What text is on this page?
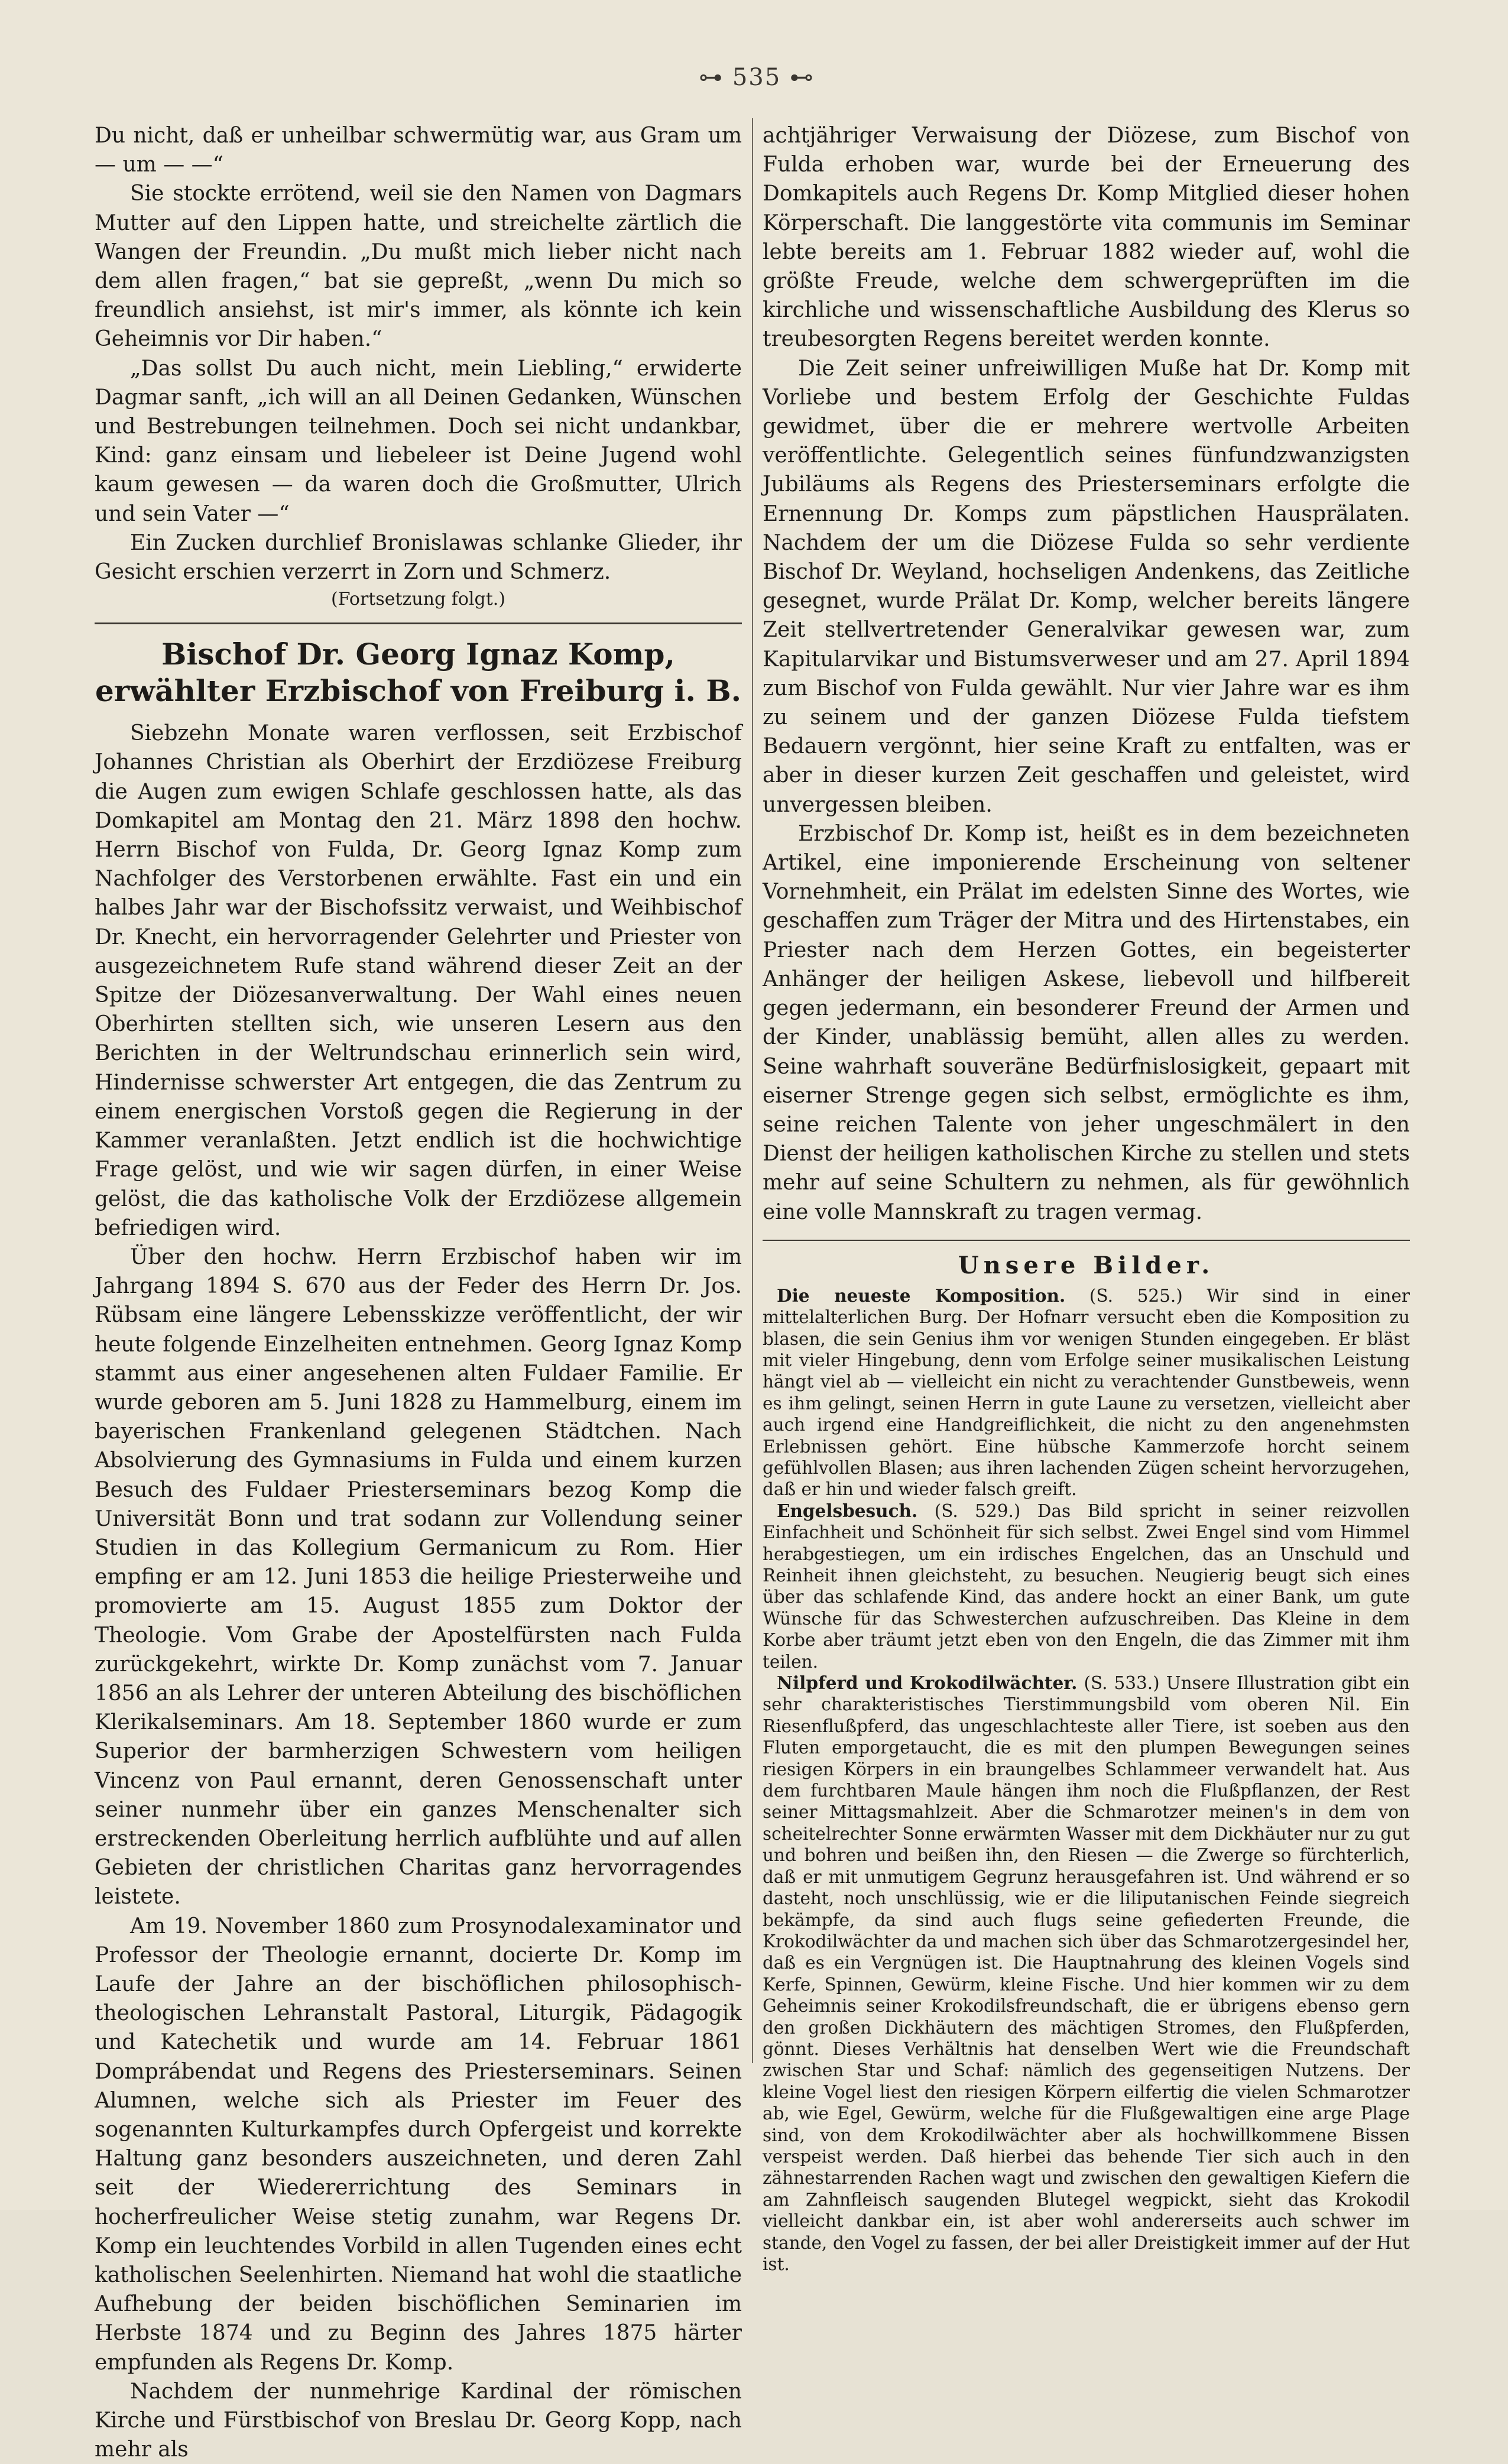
⊶ 535 ⊷

Du nicht, daß er unheilbar schwermütig war, aus Gram um — um — —“

Sie stockte errötend, weil sie den Namen von Dagmars Mutter auf den Lippen hatte, und streichelte zärtlich die Wangen der Freundin. „Du mußt mich lieber nicht nach dem allen fragen,“ bat sie gepreßt, „wenn Du mich so freundlich ansiehst, ist mir's immer, als könnte ich kein Geheimnis vor Dir haben.“

„Das sollst Du auch nicht, mein Liebling,“ erwiderte Dagmar sanft, „ich will an all Deinen Gedanken, Wünschen und Bestrebungen teilnehmen. Doch sei nicht undankbar, Kind: ganz einsam und liebeleer ist Deine Jugend wohl kaum gewesen — da waren doch die Großmutter, Ulrich und sein Vater —“

Ein Zucken durchlief Bronislawas schlanke Glieder, ihr Gesicht erschien verzerrt in Zorn und Schmerz.

(Fortsetzung folgt.)

Bischof Dr. Georg Ignaz Komp, erwählter Erzbischof von Freiburg i. B.

Siebzehn Monate waren verflossen, seit Erzbischof Johannes Christian als Oberhirt der Erzdiözese Freiburg die Augen zum ewigen Schlafe geschlossen hatte, als das Domkapitel am Montag den 21. März 1898 den hochw. Herrn Bischof von Fulda, Dr. Georg Ignaz Komp zum Nachfolger des Verstorbenen erwählte. Fast ein und ein halbes Jahr war der Bischofssitz verwaist, und Weihbischof Dr. Knecht, ein hervorragender Gelehrter und Priester von ausgezeichnetem Rufe stand während dieser Zeit an der Spitze der Diözesanverwaltung. Der Wahl eines neuen Oberhirten stellten sich, wie unseren Lesern aus den Berichten in der Weltrundschau erinnerlich sein wird, Hindernisse schwerster Art entgegen, die das Zentrum zu einem energischen Vorstoß gegen die Regierung in der Kammer veranlaßten. Jetzt endlich ist die hochwichtige Frage gelöst, und wie wir sagen dürfen, in einer Weise gelöst, die das katholische Volk der Erzdiözese allgemein befriedigen wird.

Über den hochw. Herrn Erzbischof haben wir im Jahrgang 1894 S. 670 aus der Feder des Herrn Dr. Jos. Rübsam eine längere Lebensskizze veröffentlicht, der wir heute folgende Einzelheiten entnehmen. Georg Ignaz Komp stammt aus einer angesehenen alten Fuldaer Familie. Er wurde geboren am 5. Juni 1828 zu Hammelburg, einem im bayerischen Frankenland gelegenen Städtchen. Nach Absolvierung des Gymnasiums in Fulda und einem kurzen Besuch des Fuldaer Priesterseminars bezog Komp die Universität Bonn und trat sodann zur Vollendung seiner Studien in das Kollegium Germanicum zu Rom. Hier empfing er am 12. Juni 1853 die heilige Priesterweihe und promovierte am 15. August 1855 zum Doktor der Theologie. Vom Grabe der Apostelfürsten nach Fulda zurückgekehrt, wirkte Dr. Komp zunächst vom 7. Januar 1856 an als Lehrer der unteren Abteilung des bischöflichen Klerikalseminars. Am 18. September 1860 wurde er zum Superior der barmherzigen Schwestern vom heiligen Vincenz von Paul ernannt, deren Genossenschaft unter seiner nunmehr über ein ganzes Menschenalter sich erstreckenden Oberleitung herrlich aufblühte und auf allen Gebieten der christlichen Charitas ganz hervorragendes leistete.

Am 19. November 1860 zum Prosynodalexaminator und Professor der Theologie ernannt, docierte Dr. Komp im Laufe der Jahre an der bischöflichen philosophisch-theologischen Lehranstalt Pastoral, Liturgik, Pädagogik und Katechetik und wurde am 14. Februar 1861 Domprábendat und Regens des Priesterseminars. Seinen Alumnen, welche sich als Priester im Feuer des sogenannten Kulturkampfes durch Opfergeist und korrekte Haltung ganz besonders auszeichneten, und deren Zahl seit der Wiedererrichtung des Seminars in hocherfreulicher Weise stetig zunahm, war Regens Dr. Komp ein leuchtendes Vorbild in allen Tugenden eines echt katholischen Seelenhirten. Niemand hat wohl die staatliche Aufhebung der beiden bischöflichen Seminarien im Herbste 1874 und zu Beginn des Jahres 1875 härter empfunden als Regens Dr. Komp.

Nachdem der nunmehrige Kardinal der römischen Kirche und Fürstbischof von Breslau Dr. Georg Kopp, nach mehr als

achtjähriger Verwaisung der Diözese, zum Bischof von Fulda erhoben war, wurde bei der Erneuerung des Domkapitels auch Regens Dr. Komp Mitglied dieser hohen Körperschaft. Die langgestörte vita communis im Seminar lebte bereits am 1. Februar 1882 wieder auf, wohl die größte Freude, welche dem schwergeprüften im die kirchliche und wissenschaftliche Ausbildung des Klerus so treubesorgten Regens bereitet werden konnte.

Die Zeit seiner unfreiwilligen Muße hat Dr. Komp mit Vorliebe und bestem Erfolg der Geschichte Fuldas gewidmet, über die er mehrere wertvolle Arbeiten veröffentlichte. Gelegentlich seines fünfundzwanzigsten Jubiläums als Regens des Priesterseminars erfolgte die Ernennung Dr. Komps zum päpstlichen Hausprälaten. Nachdem der um die Diözese Fulda so sehr verdiente Bischof Dr. Weyland, hochseligen Andenkens, das Zeitliche gesegnet, wurde Prälat Dr. Komp, welcher bereits längere Zeit stellvertretender Generalvikar gewesen war, zum Kapitularvikar und Bistumsverweser und am 27. April 1894 zum Bischof von Fulda gewählt. Nur vier Jahre war es ihm zu seinem und der ganzen Diözese Fulda tiefstem Bedauern vergönnt, hier seine Kraft zu entfalten, was er aber in dieser kurzen Zeit geschaffen und geleistet, wird unvergessen bleiben.

Erzbischof Dr. Komp ist, heißt es in dem bezeichneten Artikel, eine imponierende Erscheinung von seltener Vornehmheit, ein Prälat im edelsten Sinne des Wortes, wie geschaffen zum Träger der Mitra und des Hirtenstabes, ein Priester nach dem Herzen Gottes, ein begeisterter Anhänger der heiligen Askese, liebevoll und hilfbereit gegen jedermann, ein besonderer Freund der Armen und der Kinder, unablässig bemüht, allen alles zu werden. Seine wahrhaft souveräne Bedürfnislosigkeit, gepaart mit eiserner Strenge gegen sich selbst, ermöglichte es ihm, seine reichen Talente von jeher ungeschmälert in den Dienst der heiligen katholischen Kirche zu stellen und stets mehr auf seine Schultern zu nehmen, als für gewöhnlich eine volle Mannskraft zu tragen vermag.

Unsere Bilder.

Die neueste Komposition. (S. 525.) Wir sind in einer mittelalterlichen Burg. Der Hofnarr versucht eben die Komposition zu blasen, die sein Genius ihm vor wenigen Stunden eingegeben. Er bläst mit vieler Hingebung, denn vom Erfolge seiner musikalischen Leistung hängt viel ab — vielleicht ein nicht zu verachtender Gunstbeweis, wenn es ihm gelingt, seinen Herrn in gute Laune zu versetzen, vielleicht aber auch irgend eine Handgreiflichkeit, die nicht zu den angenehmsten Erlebnissen gehört. Eine hübsche Kammerzofe horcht seinem gefühlvollen Blasen; aus ihren lachenden Zügen scheint hervorzugehen, daß er hin und wieder falsch greift.

Engelsbesuch. (S. 529.) Das Bild spricht in seiner reizvollen Einfachheit und Schönheit für sich selbst. Zwei Engel sind vom Himmel herabgestiegen, um ein irdisches Engelchen, das an Unschuld und Reinheit ihnen gleichsteht, zu besuchen. Neugierig beugt sich eines über das schlafende Kind, das andere hockt an einer Bank, um gute Wünsche für das Schwesterchen aufzuschreiben. Das Kleine in dem Korbe aber träumt jetzt eben von den Engeln, die das Zimmer mit ihm teilen.

Nilpferd und Krokodilwächter. (S. 533.) Unsere Illustration gibt ein sehr charakteristisches Tierstimmungsbild vom oberen Nil. Ein Riesenflußpferd, das ungeschlachteste aller Tiere, ist soeben aus den Fluten emporgetaucht, die es mit den plumpen Bewegungen seines riesigen Körpers in ein braungelbes Schlammeer verwandelt hat. Aus dem furchtbaren Maule hängen ihm noch die Flußpflanzen, der Rest seiner Mittagsmahlzeit. Aber die Schmarotzer meinen's in dem von scheitelrechter Sonne erwärmten Wasser mit dem Dickhäuter nur zu gut und bohren und beißen ihn, den Riesen — die Zwerge so fürchterlich, daß er mit unmutigem Gegrunz herausgefahren ist. Und während er so dasteht, noch unschlüssig, wie er die liliputanischen Feinde siegreich bekämpfe, da sind auch flugs seine gefiederten Freunde, die Krokodilwächter da und machen sich über das Schmarotzergesindel her, daß es ein Vergnügen ist. Die Hauptnahrung des kleinen Vogels sind Kerfe, Spinnen, Gewürm, kleine Fische. Und hier kommen wir zu dem Geheimnis seiner Krokodilsfreundschaft, die er übrigens ebenso gern den großen Dickhäutern des mächtigen Stromes, den Flußpferden, gönnt. Dieses Verhältnis hat denselben Wert wie die Freundschaft zwischen Star und Schaf: nämlich des gegenseitigen Nutzens. Der kleine Vogel liest den riesigen Körpern eilfertig die vielen Schmarotzer ab, wie Egel, Gewürm, welche für die Flußgewaltigen eine arge Plage sind, von dem Krokodilwächter aber als hochwillkommene Bissen verspeist werden. Daß hierbei das behende Tier sich auch in den zähnestarrenden Rachen wagt und zwischen den gewaltigen Kiefern die am Zahnfleisch saugenden Blutegel wegpickt, sieht das Krokodil vielleicht dankbar ein, ist aber wohl andererseits auch schwer im stande, den Vogel zu fassen, der bei aller Dreistigkeit immer auf der Hut ist.
